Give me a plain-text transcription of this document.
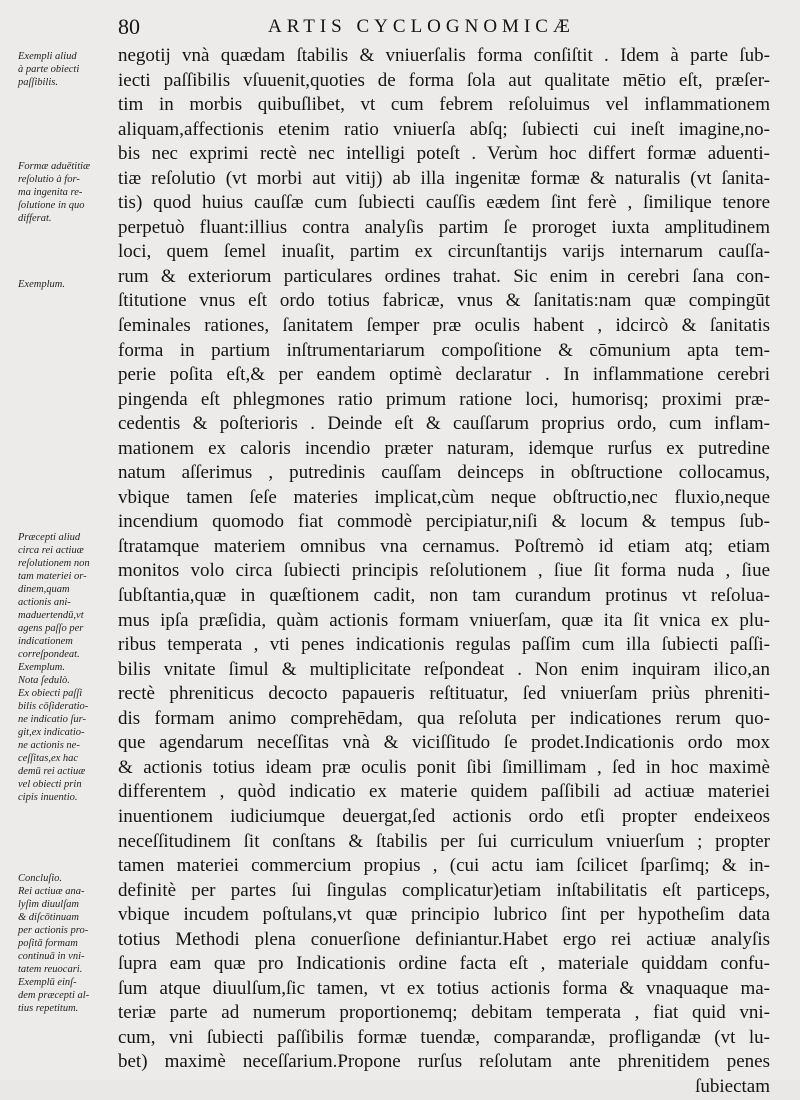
80	ARTIS CYCLOGNOMICÆ
Exempli aliud
à parte obiecti
paſſibilis.
Formæ aduētitiæ
reſolutio à for-
ma ingenita re-
ſolutione in quo
differat.
Exemplum.
Præcepti aliud
circa rei actiuæ
reſolutionem non
tam materiei or-
dinem,quam
actionis ani-
maduertendū,vt
agens paſſo per
indicationem
correſpondeat.
Exemplum.
Nota ſedulò.
Ex obiecti paſſi
bilis cōſideratio-
ne indicatio ſur-
git,ex indicatio-
ne actionis ne-
ceſſitas,ex hac
demū rei actiuæ
vel obiecti prin
cipis inuentio.
Concluſio.
Rei actiuæ ana-
lyſim diuulſam
& diſcōtinuam
per actionis pro-
poſitā formam
continuā in vni-
tatem reuocari.
Exemplū einſ-
dem præcepti al-
tius repetitum.
negotij vnà quædam ſtabilis & vniuerſalis forma conſiſtit . Idem à parte ſub-
iecti paſſibilis vſuuenit,quoties de forma ſola aut qualitate mētio eſt, præſer-
tim in morbis quibuſlibet, vt cum febrem reſoluimus vel inflammationem
aliquam,affectionis etenim ratio vniuerſa abſq; ſubiecti cui ineſt imagine,no-
bis nec exprimi rectè nec intelligi poteſt . Verùm hoc differt formæ aduenti-
tiæ reſolutio (vt morbi aut vitij) ab illa ingenitæ formæ & naturalis (vt ſanita-
tis) quod huius cauſſæ cum ſubiecti cauſſis eædem ſint ferè , ſimilique tenore
perpetuò fluant:illius contra analyſis partim ſe proroget iuxta amplitudinem
loci, quem ſemel inuaſit, partim ex circunſtantijs varijs internarum cauſſa-
rum & exteriorum particulares ordines trahat. Sic enim in cerebri ſana con-
ſtitutione vnus eſt ordo totius fabricæ, vnus & ſanitatis:nam quæ compingūt
ſeminales rationes, ſanitatem ſemper præ oculis habent , idcircò & ſanitatis
forma in partium inſtrumentariarum compoſitione & cōmunium apta tem-
perie poſita eſt,& per eandem optimè declaratur . In inflammatione cerebri
pingenda eſt phlegmones ratio primum ratione loci, humorisq; proximi præ-
cedentis & poſterioris . Deinde eſt & cauſſarum proprius ordo, cum inflam-
mationem ex caloris incendio præter naturam, idemque rurſus ex putredine
natum aſſerimus , putredinis cauſſam deinceps in obſtructione collocamus,
vbique tamen ſeſe materies implicat,cùm neque obſtructio,nec fluxio,neque
incendium quomodo fiat commodè percipiatur,niſi & locum & tempus ſub-
ſtratamque materiem omnibus vna cernamus. Poſtremò id etiam atq; etiam
monitos volo circa ſubiecti principis reſolutionem , ſiue ſit forma nuda , ſiue
ſubſtantia,quæ in quæſtionem cadit, non tam curandum protinus vt reſolua-
mus ipſa præſidia, quàm actionis formam vniuerſam, quæ ita ſit vnica ex plu-
ribus temperata , vti penes indicationis regulas paſſim cum illa ſubiecti paſſi-
bilis vnitate ſimul & multiplicitate reſpondeat . Non enim inquiram ilico,an
rectè phreniticus decocto papaueris reſtituatur, ſed vniuerſam priùs phreniti-
dis formam animo comprehēdam, qua reſoluta per indicationes rerum quo-
que agendarum neceſſitas vnà & viciſſitudo ſe prodet.Indicationis ordo mox
& actionis totius ideam præ oculis ponit ſibi ſimillimam , ſed in hoc maximè
differentem , quòd indicatio ex materie quidem paſſibili ad actiuæ materiei
inuentionem iudiciumque deuergat,ſed actionis ordo etſi propter endeixeos
neceſſitudinem ſit conſtans & ſtabilis per ſui curriculum vniuerſum ; propter
tamen materiei commercium propius , (cui actu iam ſcilicet ſparſimq; & in-
definitè per partes ſui ſingulas complicatur)etiam inſtabilitatis eſt particeps,
vbique incudem poſtulans,vt quæ principio lubrico ſint per hypotheſim data
totius Methodi plena conuerſione definiantur.Habet ergo rei actiuæ analyſis
ſupra eam quæ pro Indicationis ordine facta eſt , materiale quiddam confu-
ſum atque diuulſum,ſic tamen, vt ex totius actionis forma & vnaquaque ma-
teriæ parte ad numerum proportionemq; debitam temperata , fiat quid vni-
cum, vni ſubiecti paſſibilis formæ tuendæ, comparandæ, profligandæ (vt lu-
bet) maximè neceſſarium.Propone rurſus reſolutam ante phrenitidem penes
ſubiectam
